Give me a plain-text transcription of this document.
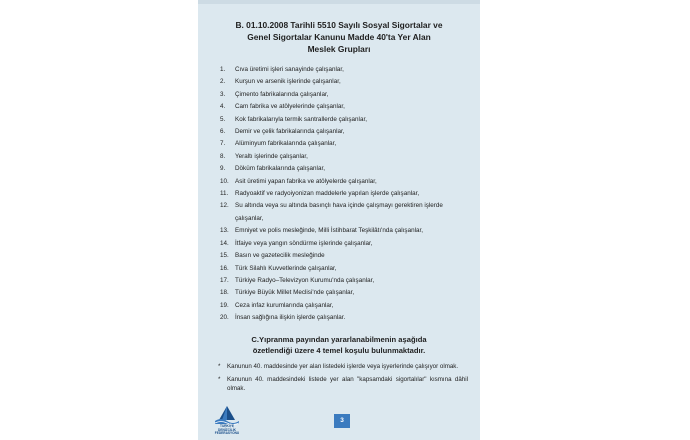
B. 01.10.2008 Tarihli 5510 Sayılı Sosyal Sigortalar ve
Genel Sigortalar Kanunu Madde 40'ta Yer Alan
Meslek Grupları
1.	Cıva üretimi işleri sanayinde çalışanlar,
2.	Kurşun ve arsenik işlerinde çalışanlar,
3.	Çimento fabrikalarında çalışanlar,
4.	Cam fabrika ve atölyelerinde çalışanlar,
5.	Kok fabrikalarıyla termik santrallerde çalışanlar,
6.	Demir ve çelik fabrikalarında çalışanlar,
7.	Alüminyum fabrikalarında çalışanlar,
8.	Yeraltı işlerinde çalışanlar,
9.	Döküm fabrikalarında çalışanlar,
10. Asit üretimi yapan fabrika ve atölyelerde çalışanlar,
11.	Radyoaktif ve radyoiyonizan maddelerle yapılan işlerde çalışanlar,
12. Su altında veya su altında basınçlı hava içinde çalışmayı gerektiren işlerde çalışanlar,
13. Emniyet ve polis mesleğinde, Milli İstihbarat Teşkilâtı'nda çalışanlar,
14. İtfaiye veya yangın söndürme işlerinde çalışanlar,
15. Basın ve gazetecilik mesleğinde
16. Türk Silahlı Kuvvetlerinde çalışanlar,
17. Türkiye Radyo–Televizyon Kurumu'nda çalışanlar,
18. Türkiye Büyük Millet Meclisi'nde çalışanlar,
19. Ceza infaz kurumlarında çalışanlar,
20. İnsan sağlığına ilişkin işlerde çalışanlar.
C.Yıpranma payından yararlanabilmenin aşağıda
özetlendiği üzere 4 temel koşulu bulunmaktadır.
* Kanunun 40. maddesinde yer alan listedeki işlerde veya işyerlerinde çalışıyor olmak.
* Kanunun 40. maddesindeki listede yer alan "kapsamdaki sigortalılar" kısmına dâhil olmak.
TÜRKİYE
DENİZCİLİK
FEDERASYONU
3
